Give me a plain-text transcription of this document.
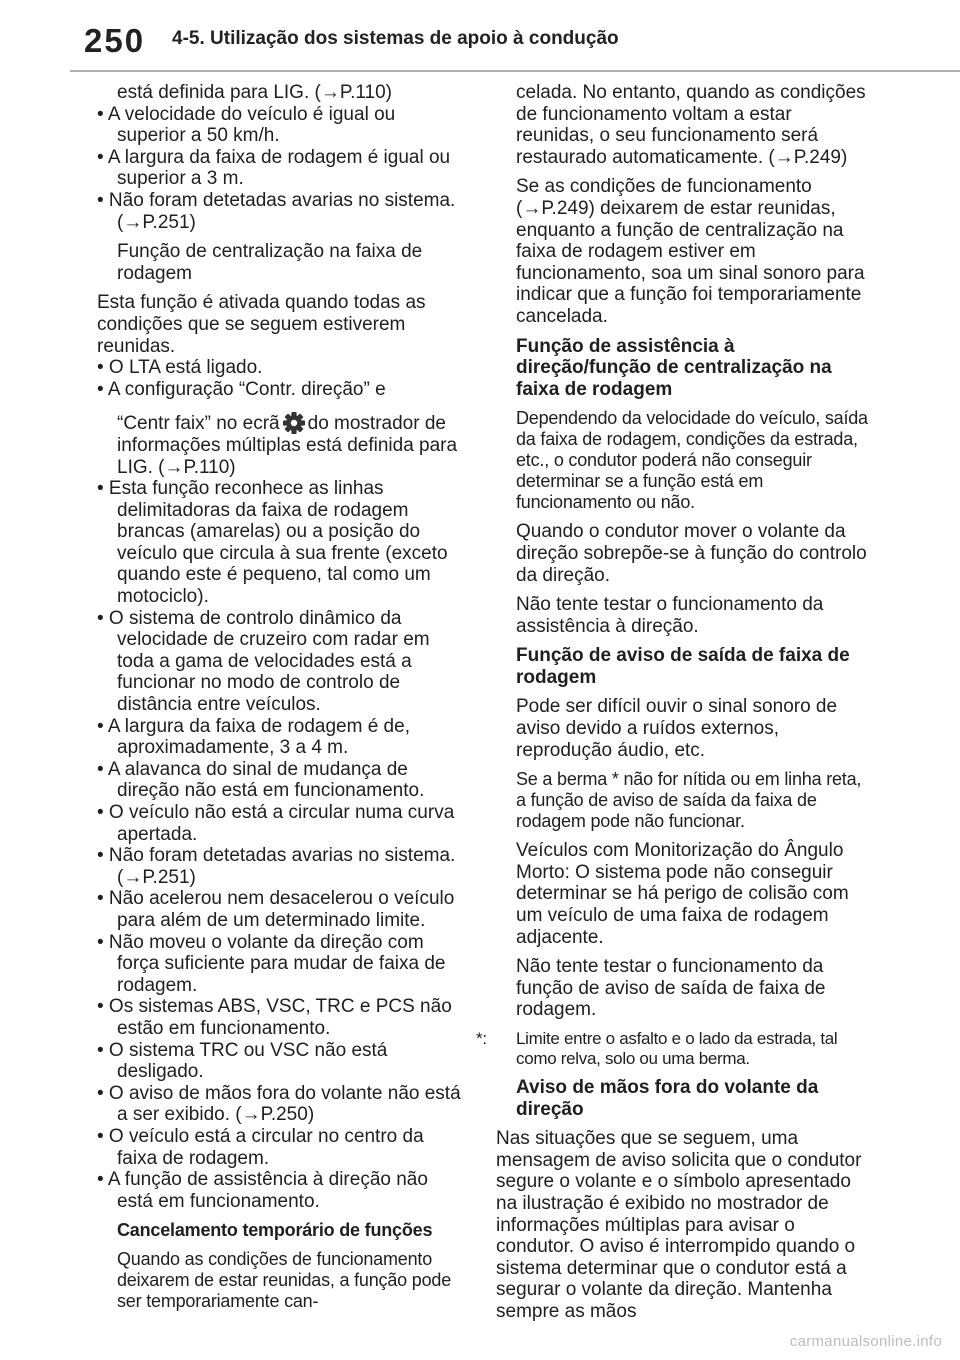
250 4-5. Utilização dos sistemas de apoio à condução

está definida para LIG. (→P.110)

• A velocidade do veículo é igual ou superior a 50 km/h.

• A largura da faixa de rodagem é igual ou superior a 3 m.

• Não foram detetadas avarias no sistema. (→P.251)

Função de centralização na faixa de rodagem

Esta função é ativada quando todas as condições que se seguem estiverem reunidas.

• O LTA está ligado.

• A configuração “Contr. direção” e

“Centr faix” no ecrã do mostrador de informações múltiplas está definida para LIG. (→P.110)

• Esta função reconhece as linhas delimitadoras da faixa de rodagem brancas (amarelas) ou a posição do veículo que circula à sua frente (exceto quando este é pequeno, tal como um motociclo).

• O sistema de controlo dinâmico da velocidade de cruzeiro com radar em toda a gama de velocidades está a funcionar no modo de controlo de distância entre veículos.

• A largura da faixa de rodagem é de, aproximadamente, 3 a 4 m.

• A alavanca do sinal de mudança de direção não está em funcionamento.

• O veículo não está a circular numa curva apertada.

• Não foram detetadas avarias no sistema. (→P.251)

• Não acelerou nem desacelerou o veículo para além de um determinado limite.

• Não moveu o volante da direção com força suficiente para mudar de faixa de rodagem.

• Os sistemas ABS, VSC, TRC e PCS não estão em funcionamento.

• O sistema TRC ou VSC não está desligado.

• O aviso de mãos fora do volante não está a ser exibido. (→P.250)

• O veículo está a circular no centro da faixa de rodagem.

• A função de assistência à direção não está em funcionamento.

Cancelamento temporário de funções

Quando as condições de funcionamento deixarem de estar reunidas, a função pode ser temporariamente can-

celada. No entanto, quando as condições de funcionamento voltam a estar reunidas, o seu funcionamento será restaurado automaticamente. (→P.249)

Se as condições de funcionamento (→P.249) deixarem de estar reunidas, enquanto a função de centralização na faixa de rodagem estiver em funcionamento, soa um sinal sonoro para indicar que a função foi temporariamente cancelada.

Função de assistência à direção/função de centralização na faixa de rodagem

Dependendo da velocidade do veículo, saída da faixa de rodagem, condições da estrada, etc., o condutor poderá não conseguir determinar se a função está em funcionamento ou não.

Quando o condutor mover o volante da direção sobrepõe-se à função do controlo da direção.

Não tente testar o funcionamento da assistência à direção.

Função de aviso de saída de faixa de rodagem

Pode ser difícil ouvir o sinal sonoro de aviso devido a ruídos externos, reprodução áudio, etc.

Se a berma * não for nítida ou em linha reta, a função de aviso de saída da faixa de rodagem pode não funcionar.

Veículos com Monitorização do Ângulo Morto: O sistema pode não conseguir determinar se há perigo de colisão com um veículo de uma faixa de rodagem adjacente.

Não tente testar o funcionamento da função de aviso de saída de faixa de rodagem.

*: Limite entre o asfalto e o lado da estrada, tal como relva, solo ou uma berma.

Aviso de mãos fora do volante da direção

Nas situações que se seguem, uma mensagem de aviso solicita que o condutor segure o volante e o símbolo apresentado na ilustração é exibido no mostrador de informações múltiplas para avisar o condutor. O aviso é interrompido quando o sistema determinar que o condutor está a segurar o volante da direção. Mantenha sempre as mãos

carmanualsonline.info
